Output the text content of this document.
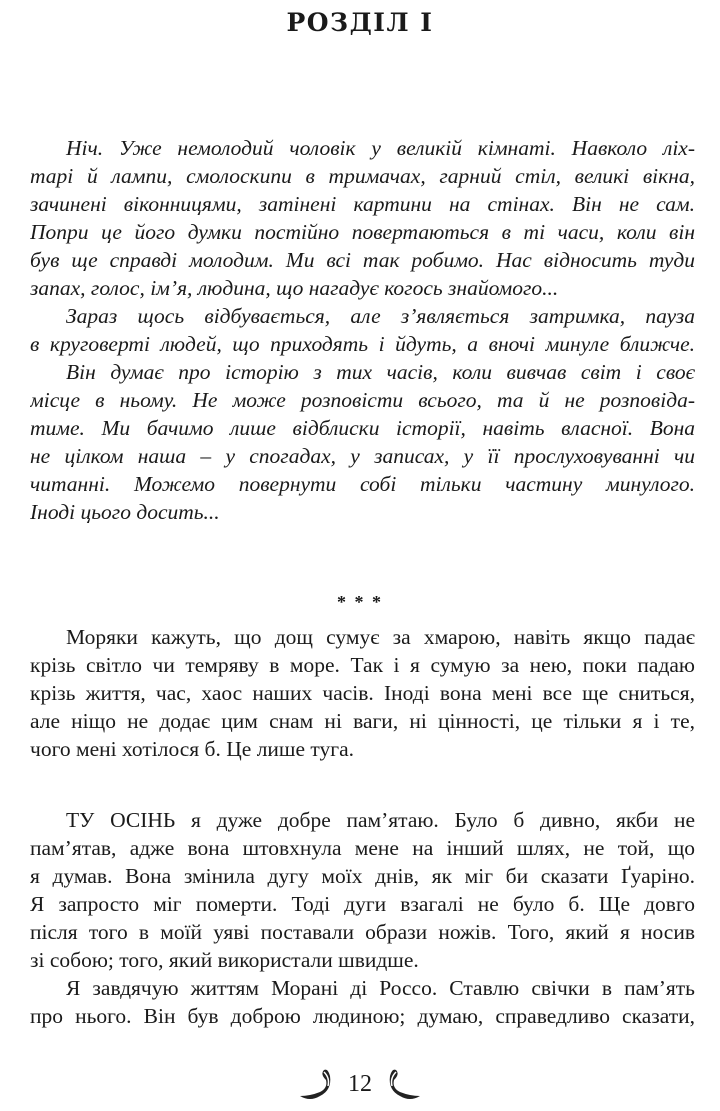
РОЗДІЛ І
Ніч. Уже немолодий чоловік у великій кімнаті. Навколо ліх-
тарі й лампи, смолоскипи в тримачах, гарний стіл, великі вікна,
зачинені віконницями, затінені картини на стінах. Він не сам.
Попри це його думки постійно повертаються в ті часи, коли він
був ще справді молодим. Ми всі так робимо. Нас відносить туди
запах, голос, ім’я, людина, що нагадує когось знайомого...
Зараз щось відбувається, але з’являється затримка, пауза
в круговерті людей, що приходять і йдуть, а вночі минуле ближче.
Він думає про історію з тих часів, коли вивчав світ і своє
місце в ньому. Не може розповісти всього, та й не розповіда-
тиме. Ми бачимо лише відблиски історії, навіть власної. Вона
не цілком наша – у спогадах, у записах, у її прослуховуванні чи
читанні. Можемо повернути собі тільки частину минулого.
Іноді цього досить...
* * *
Моряки кажуть, що дощ сумує за хмарою, навіть якщо падає
крізь світло чи темряву в море. Так і я сумую за нею, поки падаю
крізь життя, час, хаос наших часів. Іноді вона мені все ще сниться,
але ніщо не додає цим снам ні ваги, ні цінності, це тільки я і те,
чого мені хотілося б. Це лише туга.
ТУ ОСІНЬ я дуже добре пам’ятаю. Було б дивно, якби не
пам’ятав, адже вона штовхнула мене на інший шлях, не той, що
я думав. Вона змінила дугу моїх днів, як міг би сказати Ґуаріно.
Я запросто міг померти. Тоді дуги взагалі не було б. Ще довго
після того в моїй уяві поставали образи ножів. Того, який я носив
зі собою; того, який використали швидше.
Я завдячую життям Морані ді Россо. Ставлю свічки в пам’ять
про нього. Він був доброю людиною; думаю, справедливо сказати,
12
